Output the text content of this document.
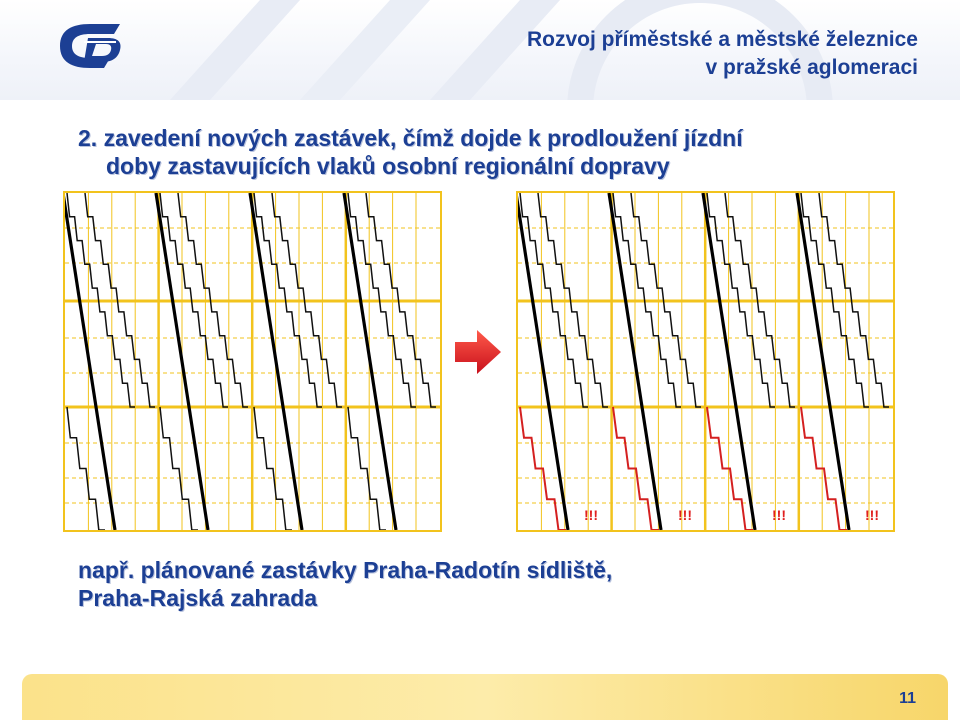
Rozvoj příměstské a městské železnice
v pražské aglomeraci
2. zavedení nových zastávek, čímž dojde k prodloužení jízdní
doby zastavujících vlaků osobní regionální dopravy
!!!	!!!	!!!	!!!
např. plánované zastávky Praha-Radotín sídliště,
Praha-Rajská zahrada
11
